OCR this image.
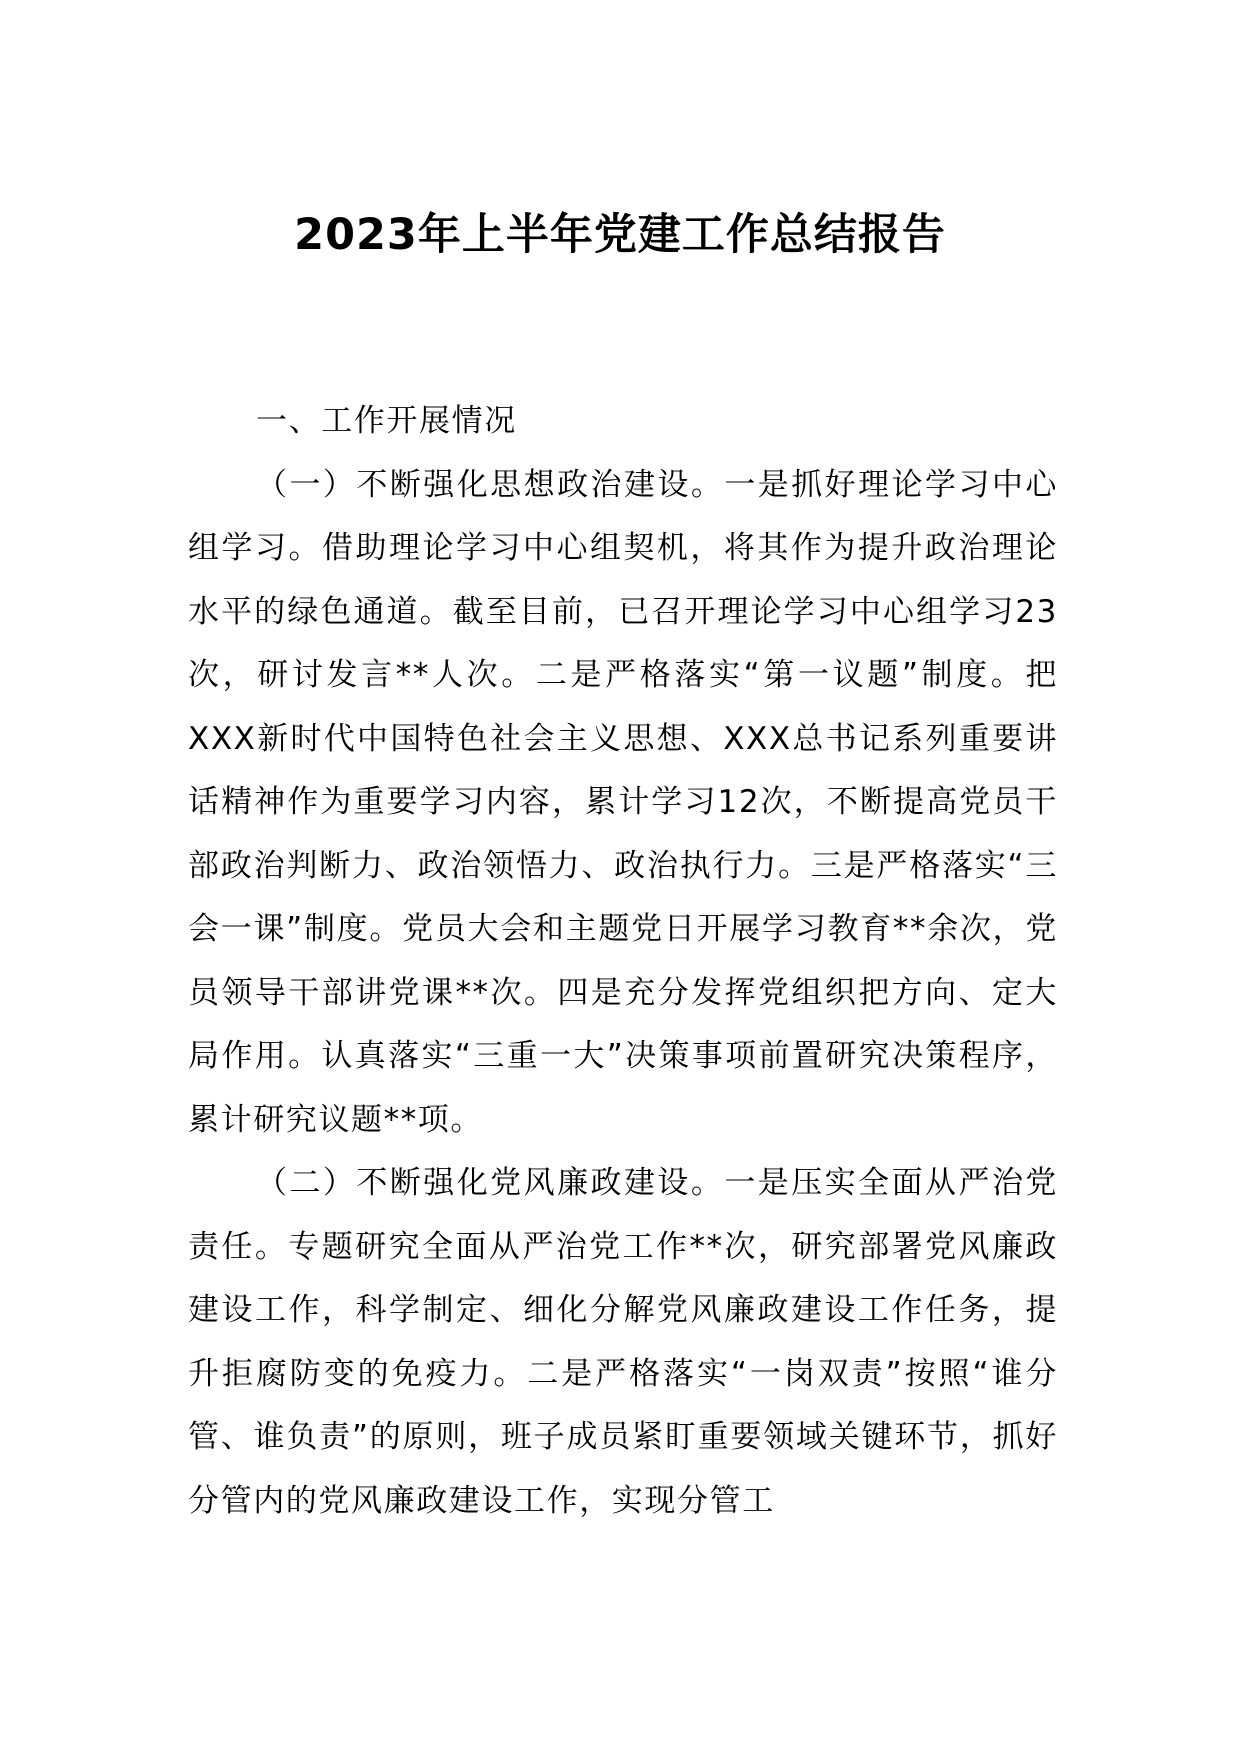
2023年上半年党建工作总结报告

一、工作开展情况

（一）不断强化思想政治建设。一是抓好理论学习中心组学习。借助理论学习中心组契机，将其作为提升政治理论水平的绿色通道。截至目前，已召开理论学习中心组学习23次，研讨发言**人次。二是严格落实“第一议题”制度。把XXX新时代中国特色社会主义思想、XXX总书记系列重要讲话精神作为重要学习内容，累计学习12次，不断提高党员干部政治判断力、政治领悟力、政治执行力。三是严格落实“三会一课”制度。党员大会和主题党日开展学习教育**余次，党员领导干部讲党课**次。四是充分发挥党组织把方向、定大局作用。认真落实“三重一大”决策事项前置研究决策程序，累计研究议题**项。

（二）不断强化党风廉政建设。一是压实全面从严治党责任。专题研究全面从严治党工作**次，研究部署党风廉政建设工作，科学制定、细化分解党风廉政建设工作任务，提升拒腐防变的免疫力。二是严格落实“一岗双责”按照“谁分管、谁负责”的原则，班子成员紧盯重要领域关键环节，抓好分管内的党风廉政建设工作，实现分管工
